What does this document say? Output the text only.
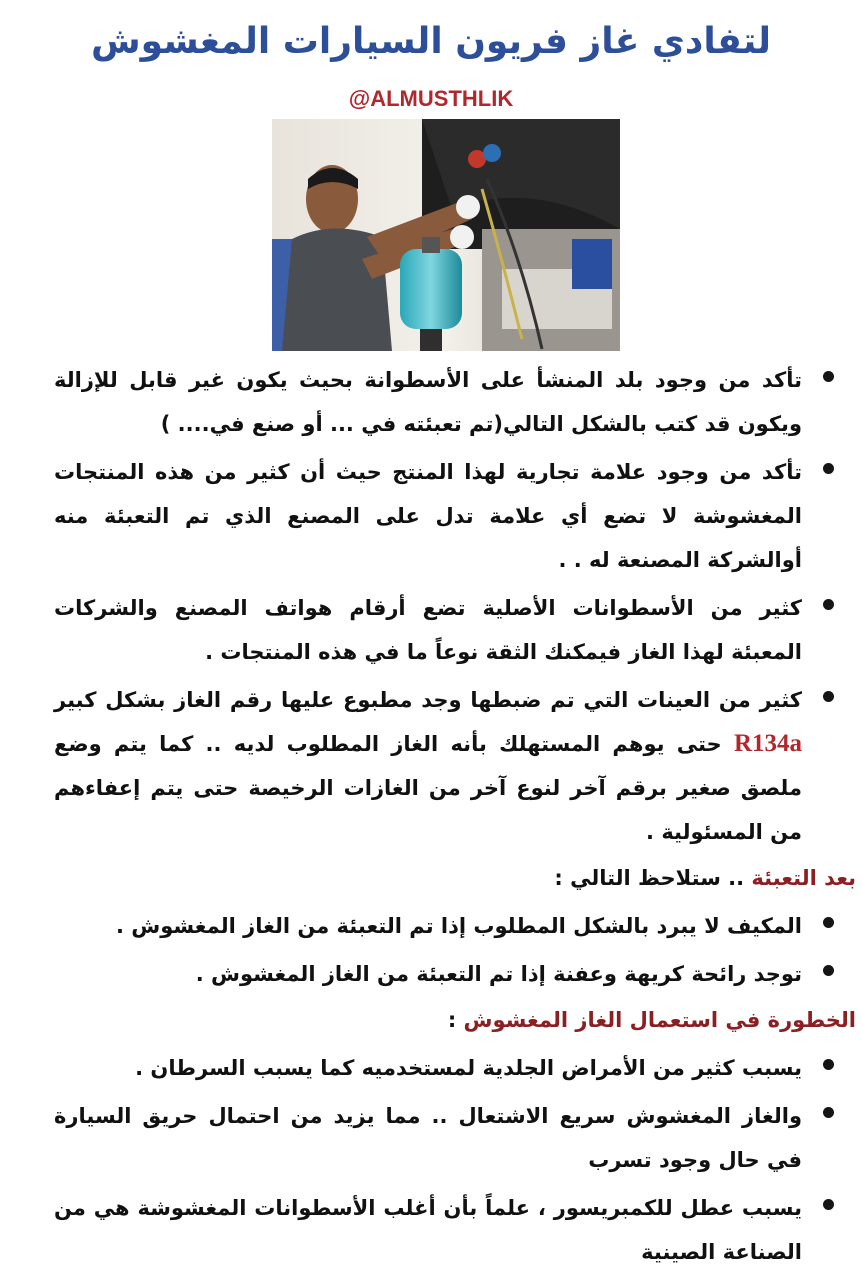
لتفادي غاز فريون السيارات المغشوش
@ALMUSTHLIK
تأكد من وجود بلد المنشأ على الأسطوانة بحيث يكون غير قابل للإزالة ويكون قد كتب بالشكل التالي(تم تعبئته في ... أو صنع في.... )
تأكد من وجود علامة تجارية لهذا المنتج حيث أن كثير من هذه المنتجات المغشوشة لا تضع أي علامة تدل على المصنع الذي تم التعبئة منه أوالشركة المصنعة له . .
كثير من الأسطوانات الأصلية تضع أرقام هواتف المصنع والشركات المعبئة لهذا الغاز فيمكنك الثقة نوعاً ما في هذه المنتجات .
كثير من العينات التي تم ضبطها وجد مطبوع عليها رقم الغاز بشكل كبير R134a حتى يوهم المستهلك بأنه الغاز المطلوب لديه .. كما يتم وضع ملصق صغير برقم آخر لنوع آخر من الغازات الرخيصة حتى يتم إعفاءهم من المسئولية .
بعد التعبئة .. ستلاحظ التالي :
المكيف لا يبرد بالشكل المطلوب إذا تم التعبئة من الغاز المغشوش .
توجد رائحة كريهة وعفنة إذا تم التعبئة من الغاز المغشوش .
الخطورة في استعمال الغاز المغشوش :
يسبب كثير من الأمراض الجلدية لمستخدميه كما يسبب السرطان .
والغاز المغشوش سريع الاشتعال .. مما يزيد من احتمال حريق السيارة في حال وجود تسرب
يسبب عطل للكمبريسور ، علماً بأن أغلب الأسطوانات المغشوشة هي من الصناعة الصينية
